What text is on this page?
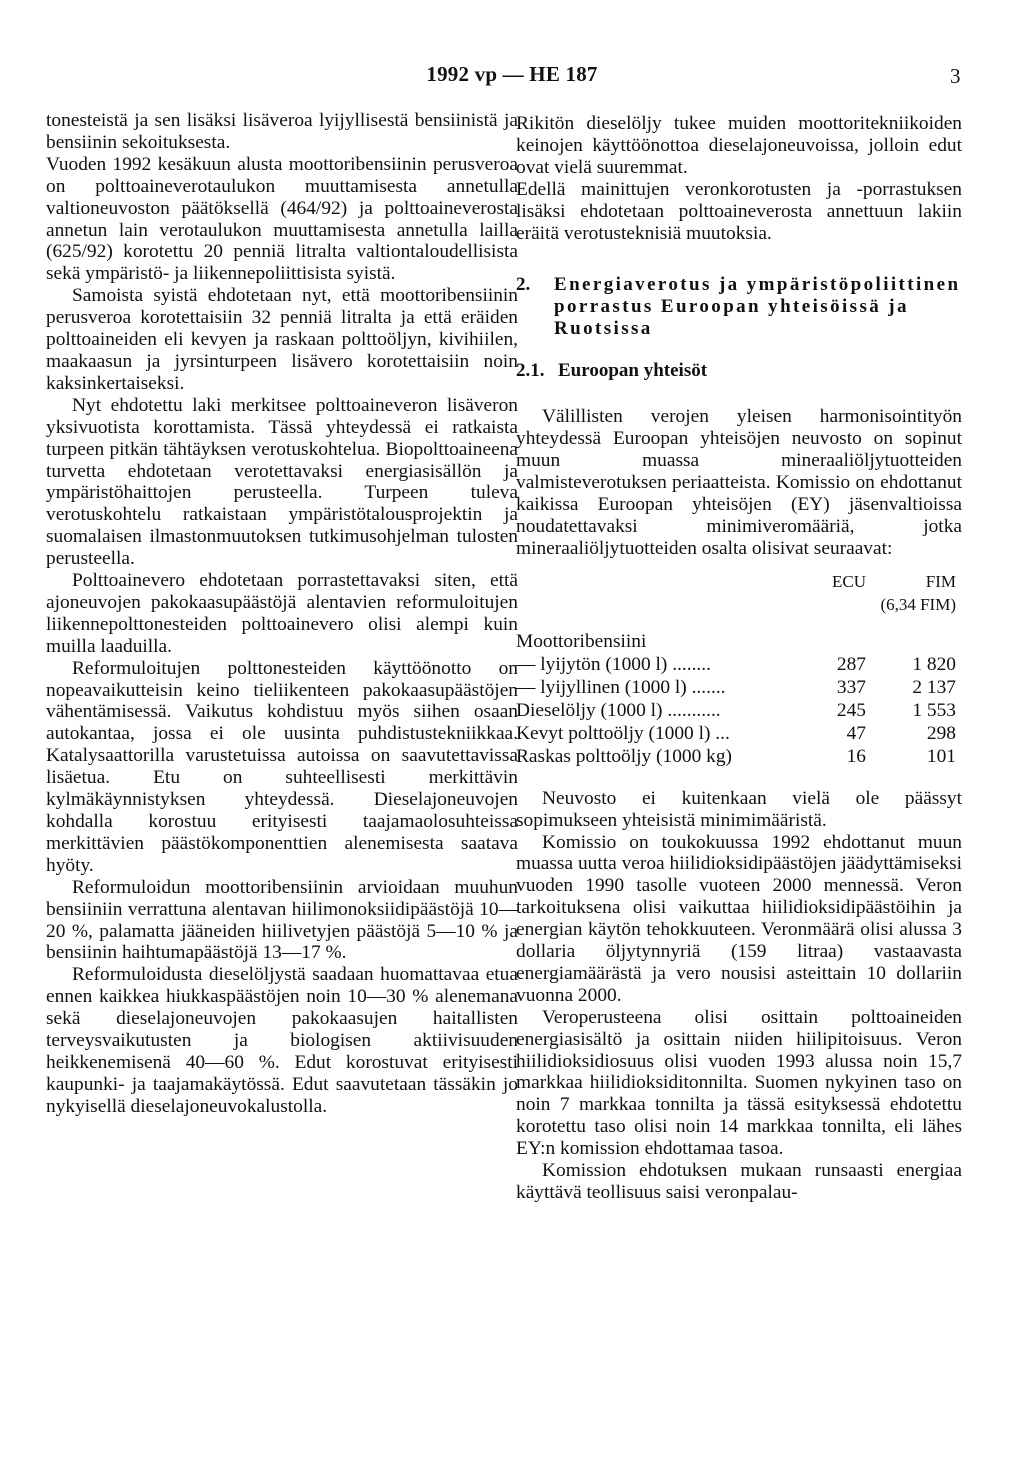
1992 vp — HE 187	3

tonesteistä ja sen lisäksi lisäveroa lyijyllisestä bensiinistä ja bensiinin sekoituksesta.

Vuoden 1992 kesäkuun alusta moottoribensiinin perusveroa on polttoaineverotaulukon muuttamisesta annetulla valtioneuvoston päätöksellä (464/92) ja polttoaineverosta annetun lain verotaulukon muuttamisesta annetulla lailla (625/92) korotettu 20 penniä litralta valtiontaloudellisista sekä ympäristö- ja liikennepoliittisista syistä.

Samoista syistä ehdotetaan nyt, että moottoribensiinin perusveroa korotettaisiin 32 penniä litralta ja että eräiden polttoaineiden eli kevyen ja raskaan polttoöljyn, kivihiilen, maakaasun ja jyrsinturpeen lisävero korotettaisiin noin kaksinkertaiseksi.

Nyt ehdotettu laki merkitsee polttoaineveron lisäveron yksivuotista korottamista. Tässä yhteydessä ei ratkaista turpeen pitkän tähtäyksen verotuskohtelua. Biopolttoaineena turvetta ehdotetaan verotettavaksi energiasisällön ja ympäristöhaittojen perusteella. Turpeen tuleva verotuskohtelu ratkaistaan ympäristötalousprojektin ja suomalaisen ilmastonmuutoksen tutkimusohjelman tulosten perusteella.

Polttoainevero ehdotetaan porrastettavaksi siten, että ajoneuvojen pakokaasupäästöjä alentavien reformuloitujen liikennepolttonesteiden polttoainevero olisi alempi kuin muilla laaduilla.

Reformuloitujen polttonesteiden käyttöönotto on nopeavaikutteisin keino tieliikenteen pakokaasupäästöjen vähentämisessä. Vaikutus kohdistuu myös siihen osaan autokantaa, jossa ei ole uusinta puhdistustekniikkaa. Katalysaattorilla varustetuissa autoissa on saavutettavissa lisäetua. Etu on suhteellisesti merkittävin kylmäkäynnistyksen yhteydessä. Dieselajoneuvojen kohdalla korostuu erityisesti taajamaolosuhteissa merkittävien päästökomponenttien alenemisesta saatava hyöty.

Reformuloidun moottoribensiinin arvioidaan muuhun bensiiniin verrattuna alentavan hiilimonoksiidipäästöjä 10—20 %, palamatta jääneiden hiilivetyjen päästöjä 5—10 % ja bensiinin haihtumapäästöjä 13—17 %.

Reformuloidusta dieselöljystä saadaan huomattavaa etua ennen kaikkea hiukkaspäästöjen noin 10—30 % alenemana sekä dieselajoneuvojen pakokaasujen haitallisten terveysvaikutusten ja biologisen aktiivisuuden heikkenemisenä 40—60 %. Edut korostuvat erityisesti kaupunki- ja taajamakäytössä. Edut saavutetaan tässäkin jo nykyisellä dieselajoneuvokalustolla.

Rikitön dieselöljy tukee muiden moottoritekniikoiden keinojen käyttöönottoa dieselajoneuvoissa, jolloin edut ovat vielä suuremmat.

Edellä mainittujen veronkorotusten ja -porrastuksen lisäksi ehdotetaan polttoaineverosta annettuun lakiin eräitä verotusteknisiä muutoksia.

2.	Energiaverotus ja ympäristöpoliittinen porrastus Euroopan yhteisöissä ja Ruotsissa
2.1. Euroopan yhteisöt

Välillisten verojen yleisen harmonisointityön yhteydessä Euroopan yhteisöjen neuvosto on sopinut muun muassa mineraaliöljytuotteiden valmisteverotuksen periaatteista. Komissio on ehdottanut kaikissa Euroopan yhteisöjen (EY) jäsenvaltioissa noudatettavaksi minimiveromääriä, jotka mineraaliöljytuotteiden osalta olisivat seuraavat:

	ECU	FIM
	(6,34 FIM)	
Moottoribensiini		
— lyijytön (1000 l) ........	287	1 820
— lyijyllinen (1000 l) .......	337	2 137
Dieselöljy (1000 l) ...........	245	1 553
Kevyt polttoöljy (1000 l) ...	47	298
Raskas polttoöljy (1000 kg)	16	101

Neuvosto ei kuitenkaan vielä ole päässyt sopimukseen yhteisistä minimimääristä.

Komissio on toukokuussa 1992 ehdottanut muun muassa uutta veroa hiilidioksidipäästöjen jäädyttämiseksi vuoden 1990 tasolle vuoteen 2000 mennessä. Veron tarkoituksena olisi vaikuttaa hiilidioksidipäästöihin ja energian käytön tehokkuuteen. Veronmäärä olisi alussa 3 dollaria öljytynnyriä (159 litraa) vastaavasta energiamäärästä ja vero nousisi asteittain 10 dollariin vuonna 2000.

Veroperusteena olisi osittain polttoaineiden energiasisältö ja osittain niiden hiilipitoisuus. Veron hiilidioksidiosuus olisi vuoden 1993 alussa noin 15,7 markkaa hiilidioksiditonnilta. Suomen nykyinen taso on noin 7 markkaa tonnilta ja tässä esityksessä ehdotettu korotettu taso olisi noin 14 markkaa tonnilta, eli lähes EY:n komission ehdottamaa tasoa.

Komission ehdotuksen mukaan runsaasti energiaa käyttävä teollisuus saisi veronpalau-
